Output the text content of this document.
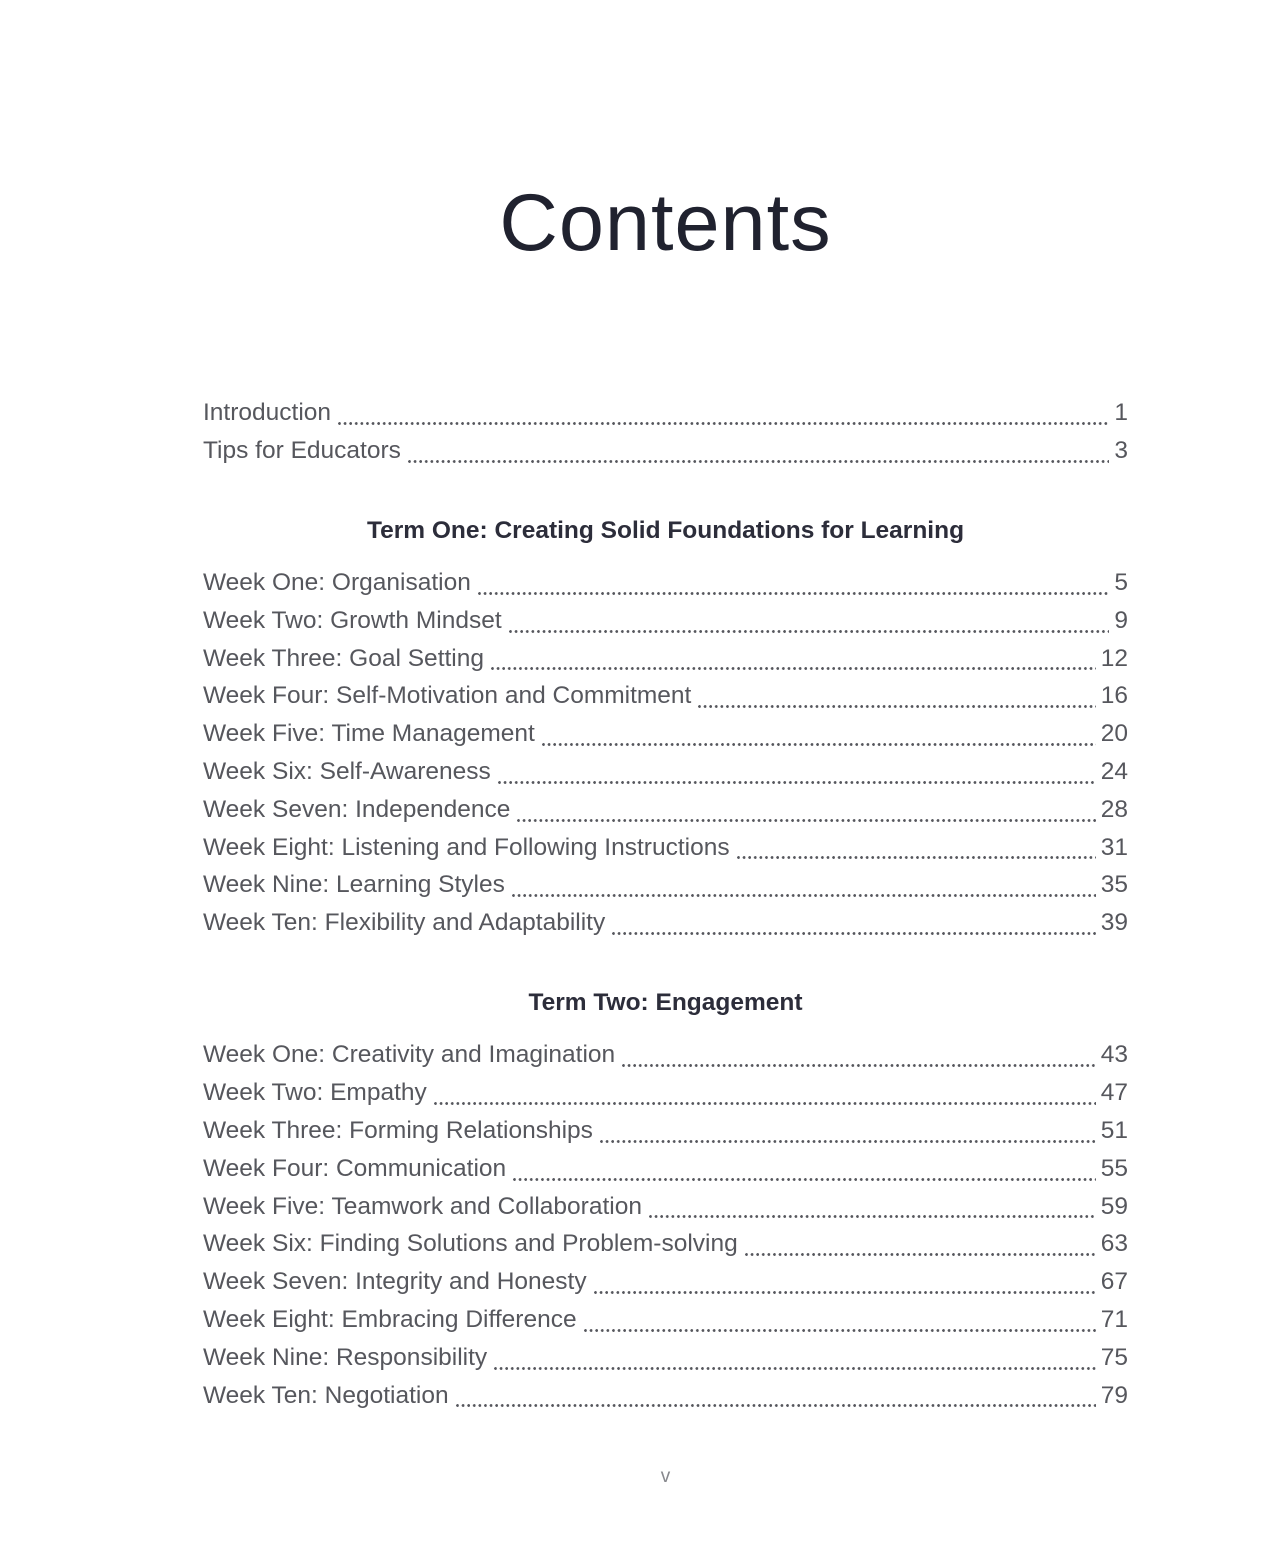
Contents
Introduction	1
Tips for Educators	3
Term One: Creating Solid Foundations for Learning
Week One: Organisation	5
Week Two: Growth Mindset	9
Week Three: Goal Setting	12
Week Four: Self-Motivation and Commitment	16
Week Five: Time Management	20
Week Six: Self-Awareness	24
Week Seven: Independence	28
Week Eight: Listening and Following Instructions	31
Week Nine: Learning Styles	35
Week Ten: Flexibility and Adaptability	39
Term Two: Engagement
Week One: Creativity and Imagination	43
Week Two: Empathy	47
Week Three: Forming Relationships	51
Week Four: Communication	55
Week Five: Teamwork and Collaboration	59
Week Six: Finding Solutions and Problem-solving	63
Week Seven: Integrity and Honesty	67
Week Eight: Embracing Difference	71
Week Nine: Responsibility	75
Week Ten: Negotiation	79
v
